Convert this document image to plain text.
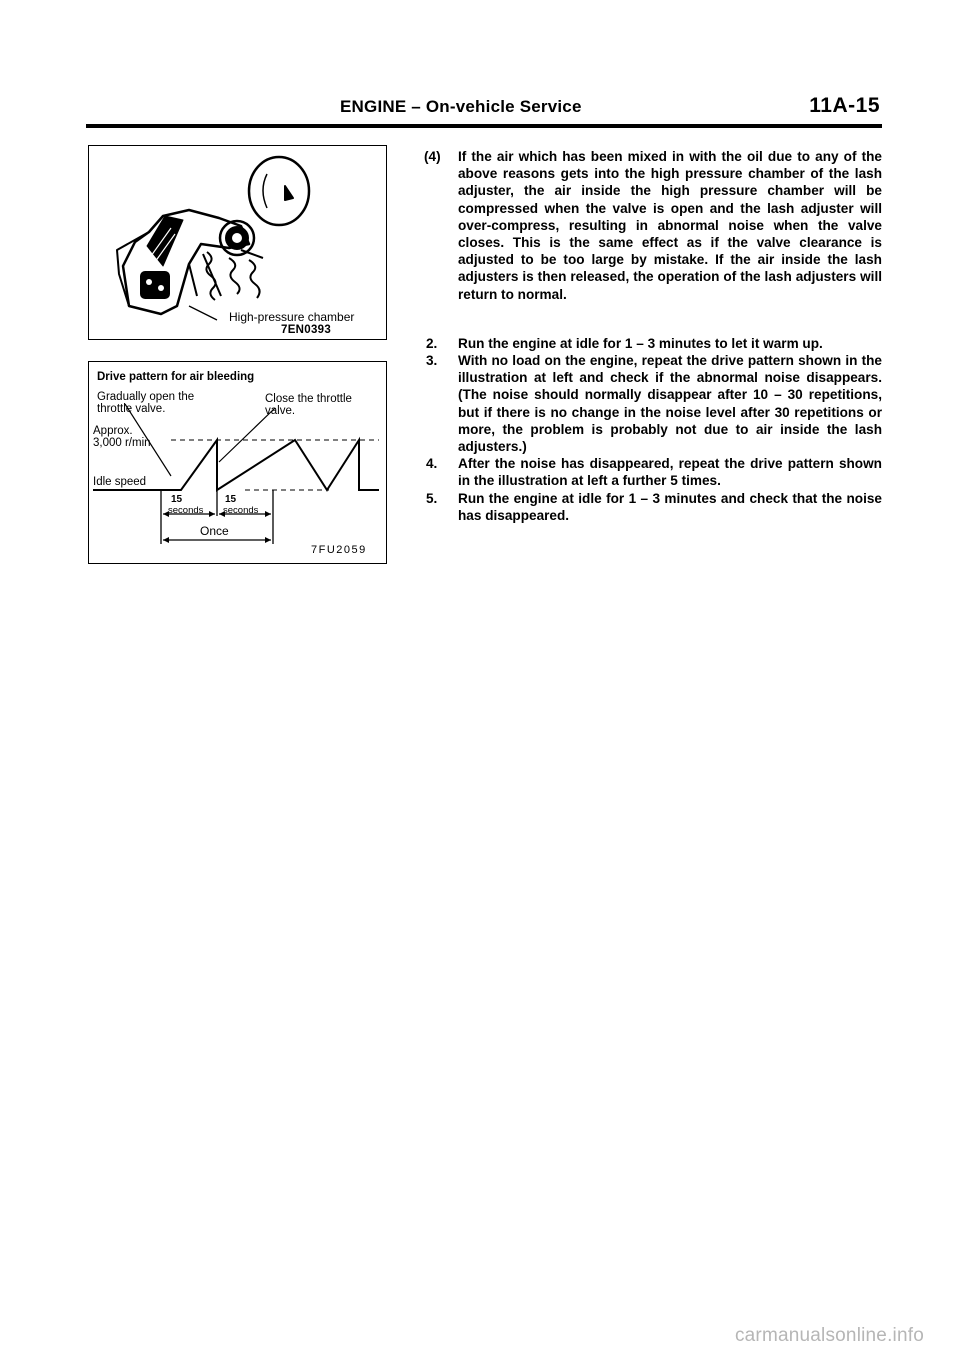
ENGINE – On-vehicle Service	11A-15
High-pressure chamber
7EN0393
Drive pattern for air bleeding
Gradually open the
throttle valve.
Close the throttle
valve.
Approx.
3,000 r/min
Idle speed
15
seconds
15
seconds
Once
7FU2059
(4)	If the air which has been mixed in with the oil due to any of the above reasons gets into the high pressure chamber of the lash adjuster, the air inside the high pressure chamber will be compressed when the valve is open and the lash adjuster will over-compress, resulting in abnormal noise when the valve closes. This is the same effect as if the valve clearance is adjusted to be too large by mistake. If the air inside the lash adjusters is then released, the operation of the lash adjusters will return to normal.
2.	Run the engine at idle for 1 – 3 minutes to let it warm up.
3.	With no load on the engine, repeat the drive pattern shown in the illustration at left and check if the abnormal noise disappears. (The noise should normally disappear after 10 – 30 repetitions, but if there is no change in the noise level after 30 repetitions or more, the problem is probably not due to air inside the lash adjusters.)
4.	After the noise has disappeared, repeat the drive pattern shown in the illustration at left a further 5 times.
5.	Run the engine at idle for 1 – 3 minutes and check that the noise has disappeared.
carmanualsonline.info
